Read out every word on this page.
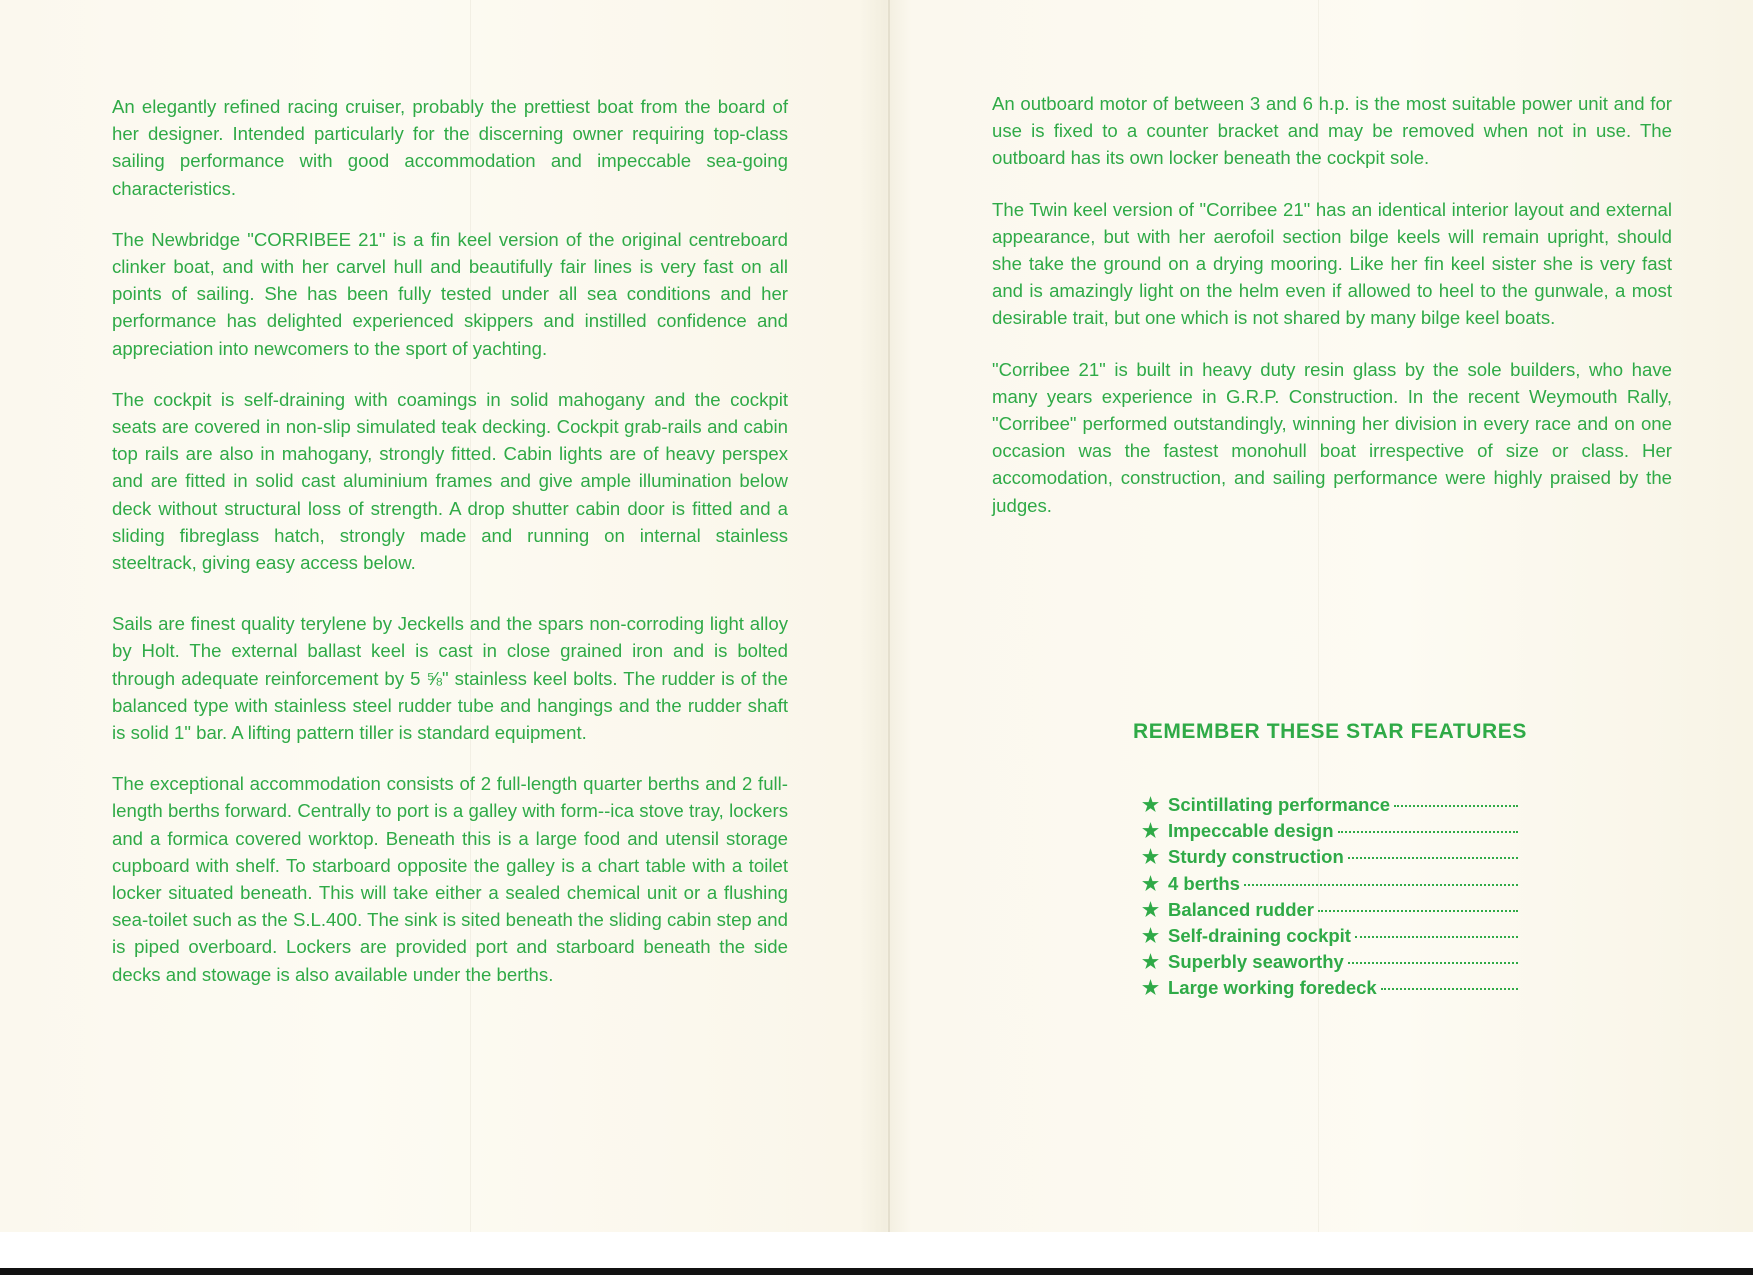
An elegantly refined racing cruiser, probably the prettiest boat from the board of her designer. Intended particularly for the discerning owner requiring top-class sailing performance with good accommodation and impeccable sea-going characteristics.

The Newbridge "CORRIBEE 21" is a fin keel version of the original centreboard clinker boat, and with her carvel hull and beautifully fair lines is very fast on all points of sailing. She has been fully tested under all sea conditions and her performance has delighted experienced skippers and instilled confidence and appreciation into newcomers to the sport of yachting.

The cockpit is self-draining with coamings in solid mahogany and the cockpit seats are covered in non-slip simulated teak decking. Cockpit grab-rails and cabin top rails are also in mahogany, strongly fitted. Cabin lights are of heavy perspex and are fitted in solid cast aluminium frames and give ample illumination below deck without structural loss of strength. A drop shutter cabin door is fitted and a sliding fibreglass hatch, strongly made and running on internal stainless steeltrack, giving easy access below.

Sails are finest quality terylene by Jeckells and the spars non-corroding light alloy by Holt. The external ballast keel is cast in close grained iron and is bolted through adequate reinforcement by 5 ⅝" stainless keel bolts. The rudder is of the balanced type with stainless steel rudder tube and hangings and the rudder shaft is solid 1" bar. A lifting pattern tiller is standard equipment.

The exceptional accommodation consists of 2 full-length quarter berths and 2 full-length berths forward. Centrally to port is a galley with form--ica stove tray, lockers and a formica covered worktop. Beneath this is a large food and utensil storage cupboard with shelf. To starboard opposite the galley is a chart table with a toilet locker situated beneath. This will take either a sealed chemical unit or a flushing sea-toilet such as the S.L.400. The sink is sited beneath the sliding cabin step and is piped overboard. Lockers are provided port and starboard beneath the side decks and stowage is also available under the berths.

An outboard motor of between 3 and 6 h.p. is the most suitable power unit and for use is fixed to a counter bracket and may be removed when not in use. The outboard has its own locker beneath the cockpit sole.

The Twin keel version of "Corribee 21" has an identical interior layout and external appearance, but with her aerofoil section bilge keels will remain upright, should she take the ground on a drying mooring. Like her fin keel sister she is very fast and is amazingly light on the helm even if allowed to heel to the gunwale, a most desirable trait, but one which is not shared by many bilge keel boats.

"Corribee 21" is built in heavy duty resin glass by the sole builders, who have many years experience in G.R.P. Construction. In the recent Weymouth Rally, "Corribee" performed outstandingly, winning her division in every race and on one occasion was the fastest monohull boat irrespective of size or class. Her accomodation, construction, and sailing performance were highly praised by the judges.

REMEMBER THESE STAR FEATURES
★ Scintillating performance
★ Impeccable design
★ Sturdy construction
★ 4 berths
★ Balanced rudder
★ Self-draining cockpit
★ Superbly seaworthy
★ Large working foredeck
